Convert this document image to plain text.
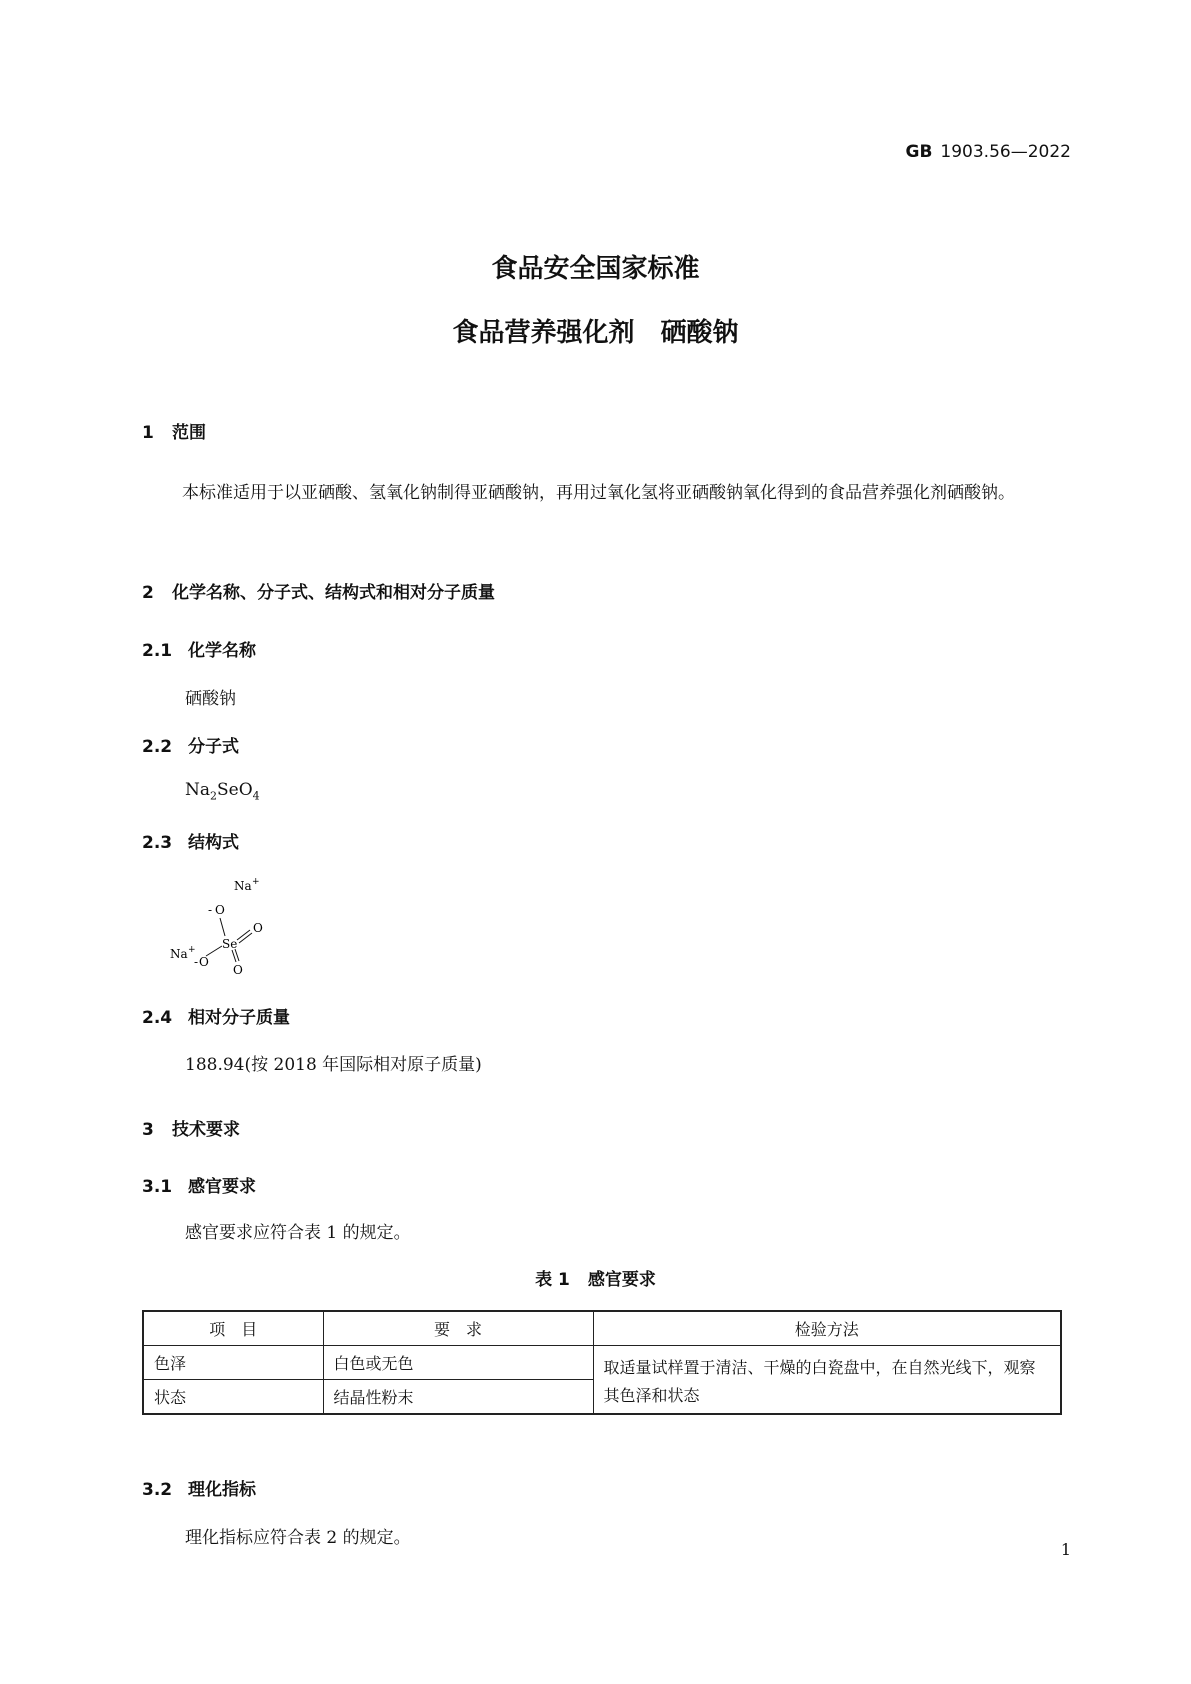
GB 1903.56—2022
食品安全国家标准
食品营养强化剂　硒酸钠
1 范围
本标准适用于以亚硒酸、氢氧化钠制得亚硒酸钠，再用过氧化氢将亚硒酸钠氧化得到的食品营养强化剂硒酸钠。
2 化学名称、分子式、结构式和相对分子质量
2.1 化学名称
硒酸钠
2.2 分子式
$Na_2SeO_4$
2.3 结构式
Na +
- O
Se
O
O
Na +
- O
2.4 相对分子质量
188.94(按 2018 年国际相对原子质量)
3 技术要求
3.1 感官要求
感官要求应符合表 1 的规定。
表 1 感官要求
项　目	要　求	检验方法
色泽	白色或无色	取适量试样置于清洁、干燥的白瓷盘中，在自然光线下，观察其色泽和状态
状态	结晶性粉末	
3.2 理化指标
理化指标应符合表 2 的规定。
1
